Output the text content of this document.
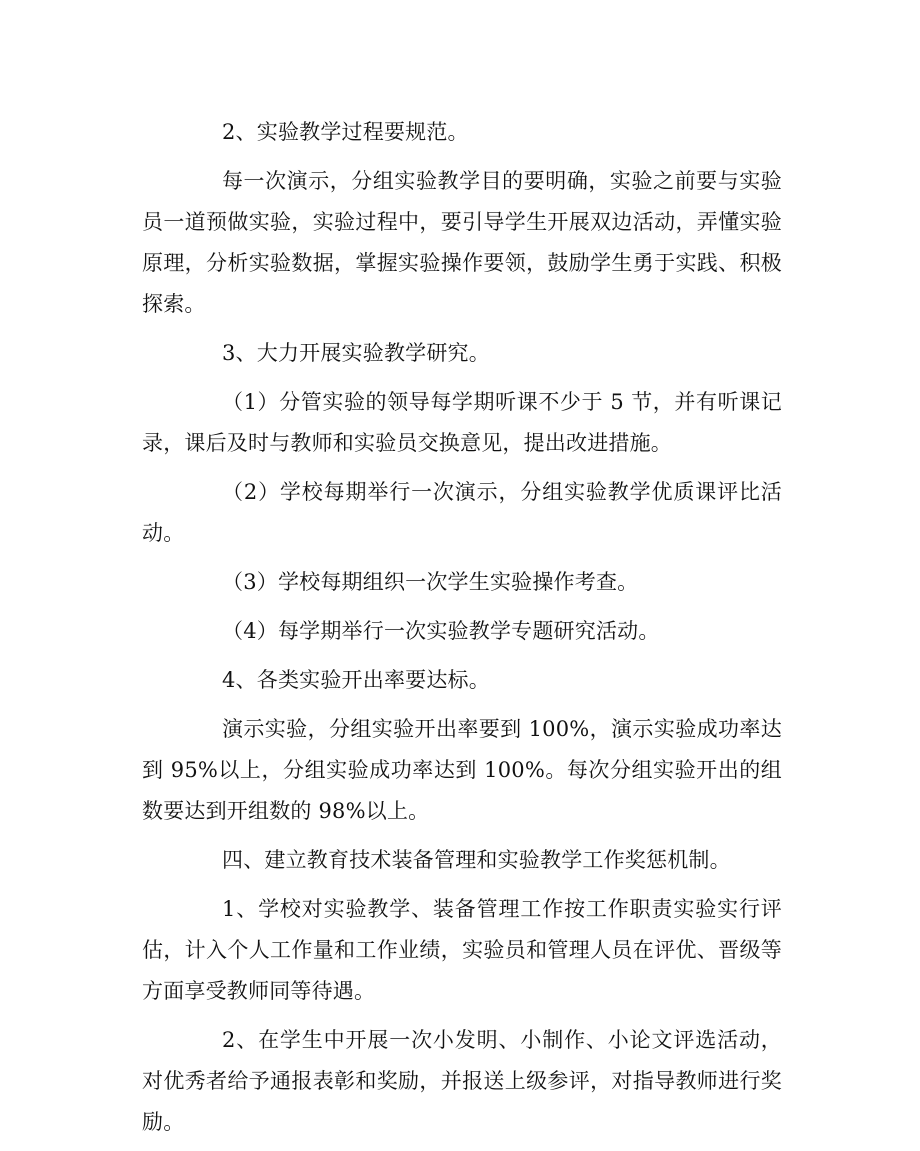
2、实验教学过程要规范。

每一次演示，分组实验教学目的要明确，实验之前要与实验员一道预做实验，实验过程中，要引导学生开展双边活动，弄懂实验原理，分析实验数据，掌握实验操作要领，鼓励学生勇于实践、积极探索。

3、大力开展实验教学研究。

（1）分管实验的领导每学期听课不少于 5 节，并有听课记录，课后及时与教师和实验员交换意见，提出改进措施。

（2）学校每期举行一次演示，分组实验教学优质课评比活动。

（3）学校每期组织一次学生实验操作考查。

（4）每学期举行一次实验教学专题研究活动。

4、各类实验开出率要达标。

演示实验，分组实验开出率要到 100%，演示实验成功率达到 95%以上，分组实验成功率达到 100%。每次分组实验开出的组数要达到开组数的 98%以上。

四、建立教育技术装备管理和实验教学工作奖惩机制。

1、学校对实验教学、装备管理工作按工作职责实验实行评估，计入个人工作量和工作业绩，实验员和管理人员在评优、晋级等方面享受教师同等待遇。

2、在学生中开展一次小发明、小制作、小论文评选活动，对优秀者给予通报表彰和奖励，并报送上级参评，对指导教师进行奖励。
